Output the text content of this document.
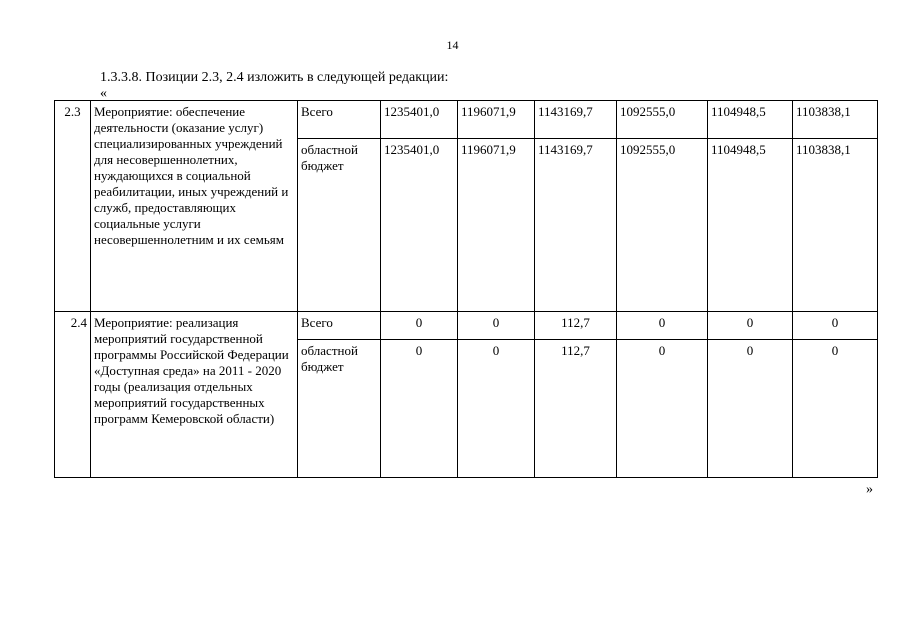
14
1.3.3.8. Позиции 2.3, 2.4 изложить в следующей редакции:
«
2.3	Мероприятие: обеспечение деятельности (оказание услуг) специализированных учреждений для несовершеннолетних, нуждающихся в социальной реабилитации, иных учреждений и служб, предоставляющих социальные услуги несовершеннолетним и их семьям	Всего	1235401,0	1196071,9	1143169,7	1092555,0	1104948,5	1103838,1
		областной бюджет	1235401,0	1196071,9	1143169,7	1092555,0	1104948,5	1103838,1
2.4	Мероприятие: реализация мероприятий государственной программы Российской Федерации «Доступная среда» на 2011 - 2020 годы (реализация отдельных мероприятий государственных программ Кемеровской области)	Всего	0	0	112,7	0	0	0
		областной бюджет	0	0	112,7	0	0	0
»
